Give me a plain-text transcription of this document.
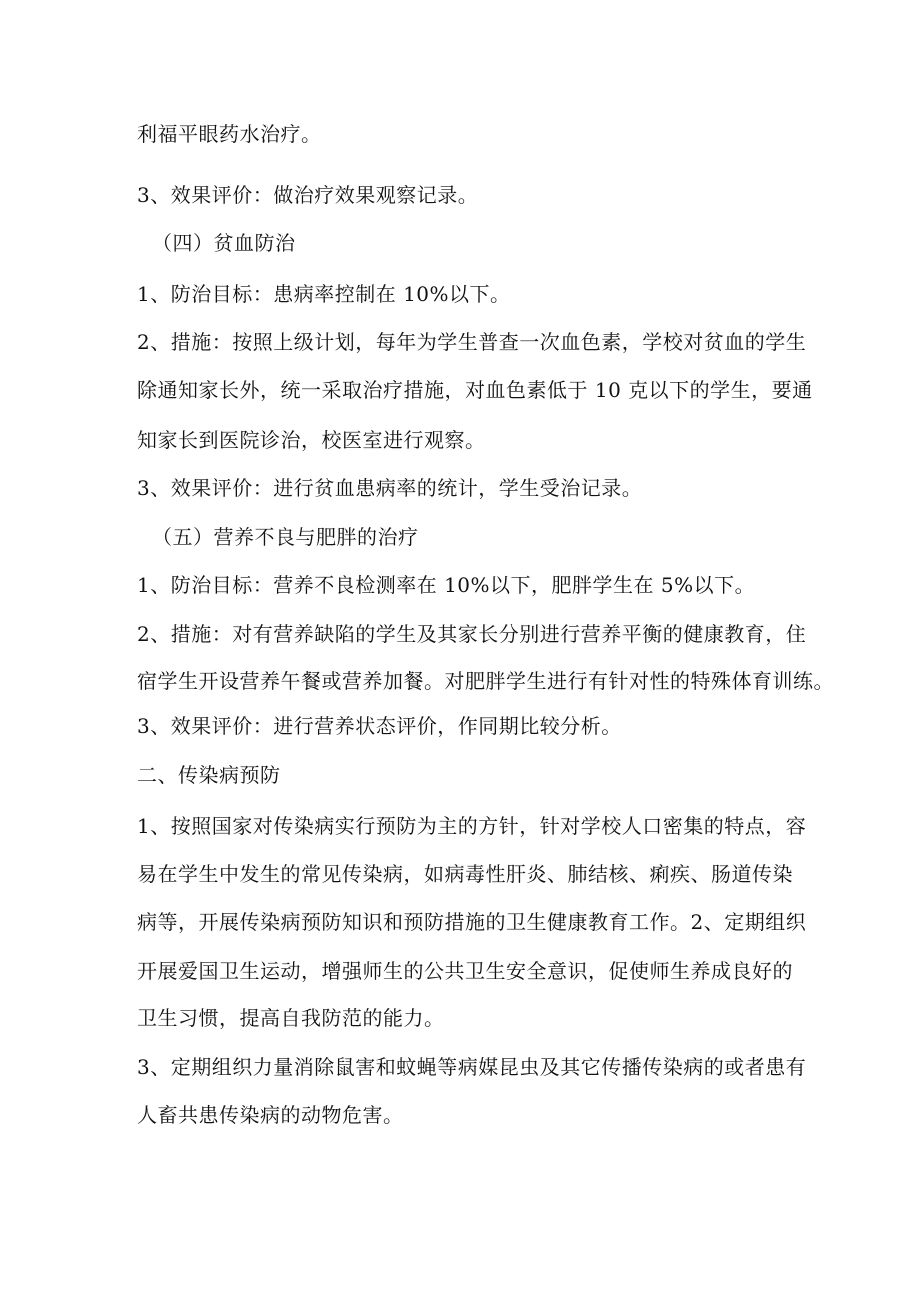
利福平眼药水治疗。
3、效果评价：做治疗效果观察记录。
（四）贫血防治
1、防治目标：患病率控制在 10%以下。
2、措施：按照上级计划，每年为学生普查一次血色素，学校对贫血的学生
除通知家长外，统一采取治疗措施，对血色素低于 10 克以下的学生，要通
知家长到医院诊治，校医室进行观察。
3、效果评价：进行贫血患病率的统计，学生受治记录。
（五）营养不良与肥胖的治疗
1、防治目标：营养不良检测率在 10%以下，肥胖学生在 5%以下。
2、措施：对有营养缺陷的学生及其家长分别进行营养平衡的健康教育，住
宿学生开设营养午餐或营养加餐。对肥胖学生进行有针对性的特殊体育训练。
3、效果评价：进行营养状态评价，作同期比较分析。
二、传染病预防
1、按照国家对传染病实行预防为主的方针，针对学校人口密集的特点，容
易在学生中发生的常见传染病，如病毒性肝炎、肺结核、痢疾、肠道传染
病等，开展传染病预防知识和预防措施的卫生健康教育工作。2、定期组织
开展爱国卫生运动，增强师生的公共卫生安全意识，促使师生养成良好的
卫生习惯，提高自我防范的能力。
3、定期组织力量消除鼠害和蚊蝇等病媒昆虫及其它传播传染病的或者患有
人畜共患传染病的动物危害。
